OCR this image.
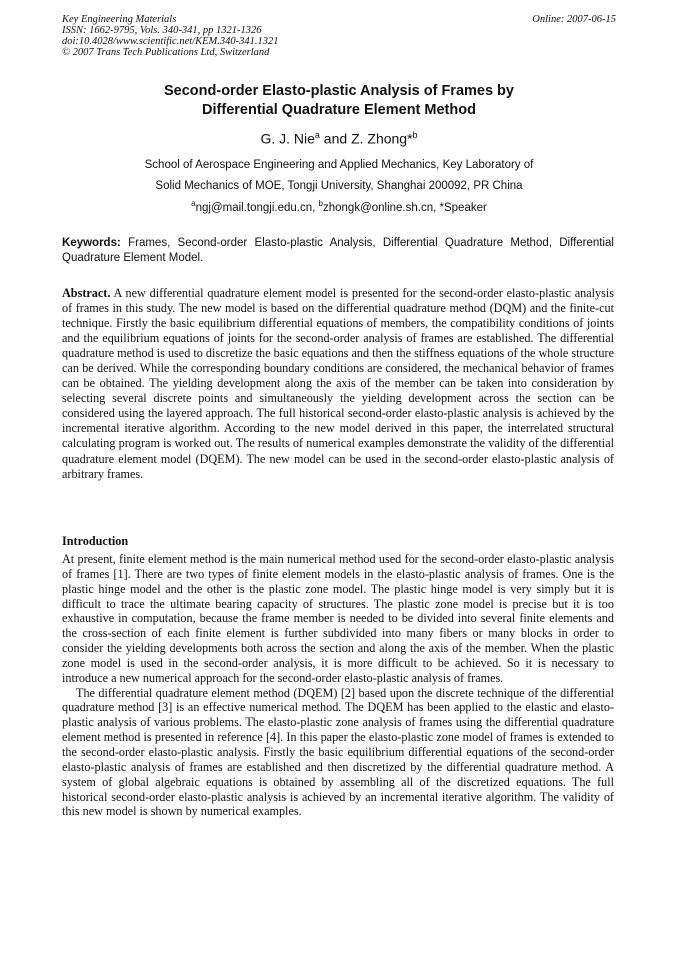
Key Engineering Materials
ISSN: 1662-9795, Vols. 340-341, pp 1321-1326
doi:10.4028/www.scientific.net/KEM.340-341.1321
© 2007 Trans Tech Publications Ltd, Switzerland
Online: 2007-06-15
Second-order Elasto-plastic Analysis of Frames by
Differential Quadrature Element Method
G. J. Nie$^a$ and Z. Zhong*$^b$
School of Aerospace Engineering and Applied Mechanics, Key Laboratory of
Solid Mechanics of MOE, Tongji University, Shanghai 200092, PR China
$^a$ngj@mail.tongji.edu.cn, $^b$zhongk@online.sh.cn, *Speaker
Keywords: Frames, Second-order Elasto-plastic Analysis, Differential Quadrature Method, Differential Quadrature Element Model.
Abstract. A new differential quadrature element model is presented for the second-order elasto-plastic analysis of frames in this study. The new model is based on the differential quadrature method (DQM) and the finite-cut technique. Firstly the basic equilibrium differential equations of members, the compatibility conditions of joints and the equilibrium equations of joints for the second-order analysis of frames are established. The differential quadrature method is used to discretize the basic equations and then the stiffness equations of the whole structure can be derived. While the corresponding boundary conditions are considered, the mechanical behavior of frames can be obtained. The yielding development along the axis of the member can be taken into consideration by selecting several discrete points and simultaneously the yielding development across the section can be considered using the layered approach. The full historical second-order elasto-plastic analysis is achieved by the incremental iterative algorithm. According to the new model derived in this paper, the interrelated structural calculating program is worked out. The results of numerical examples demonstrate the validity of the differential quadrature element model (DQEM). The new model can be used in the second-order elasto-plastic analysis of arbitrary frames.
Introduction

At present, finite element method is the main numerical method used for the second-order elasto-plastic analysis of frames [1]. There are two types of finite element models in the elasto-plastic analysis of frames. One is the plastic hinge model and the other is the plastic zone model. The plastic hinge model is very simply but it is difficult to trace the ultimate bearing capacity of structures. The plastic zone model is precise but it is too exhaustive in computation, because the frame member is needed to be divided into several finite elements and the cross-section of each finite element is further subdivided into many fibers or many blocks in order to consider the yielding developments both across the section and along the axis of the member. When the plastic zone model is used in the second-order analysis, it is more difficult to be achieved. So it is necessary to introduce a new numerical approach for the second-order elasto-plastic analysis of frames.

The differential quadrature element method (DQEM) [2] based upon the discrete technique of the differential quadrature method [3] is an effective numerical method. The DQEM has been applied to the elastic and elasto-plastic analysis of various problems. The elasto-plastic zone analysis of frames using the differential quadrature element method is presented in reference [4]. In this paper the elasto-plastic zone model of frames is extended to the second-order elasto-plastic analysis. Firstly the basic equilibrium differential equations of the second-order elasto-plastic analysis of frames are established and then discretized by the differential quadrature method. A system of global algebraic equations is obtained by assembling all of the discretized equations. The full historical second-order elasto-plastic analysis is achieved by an incremental iterative algorithm. The validity of this new model is shown by numerical examples.
